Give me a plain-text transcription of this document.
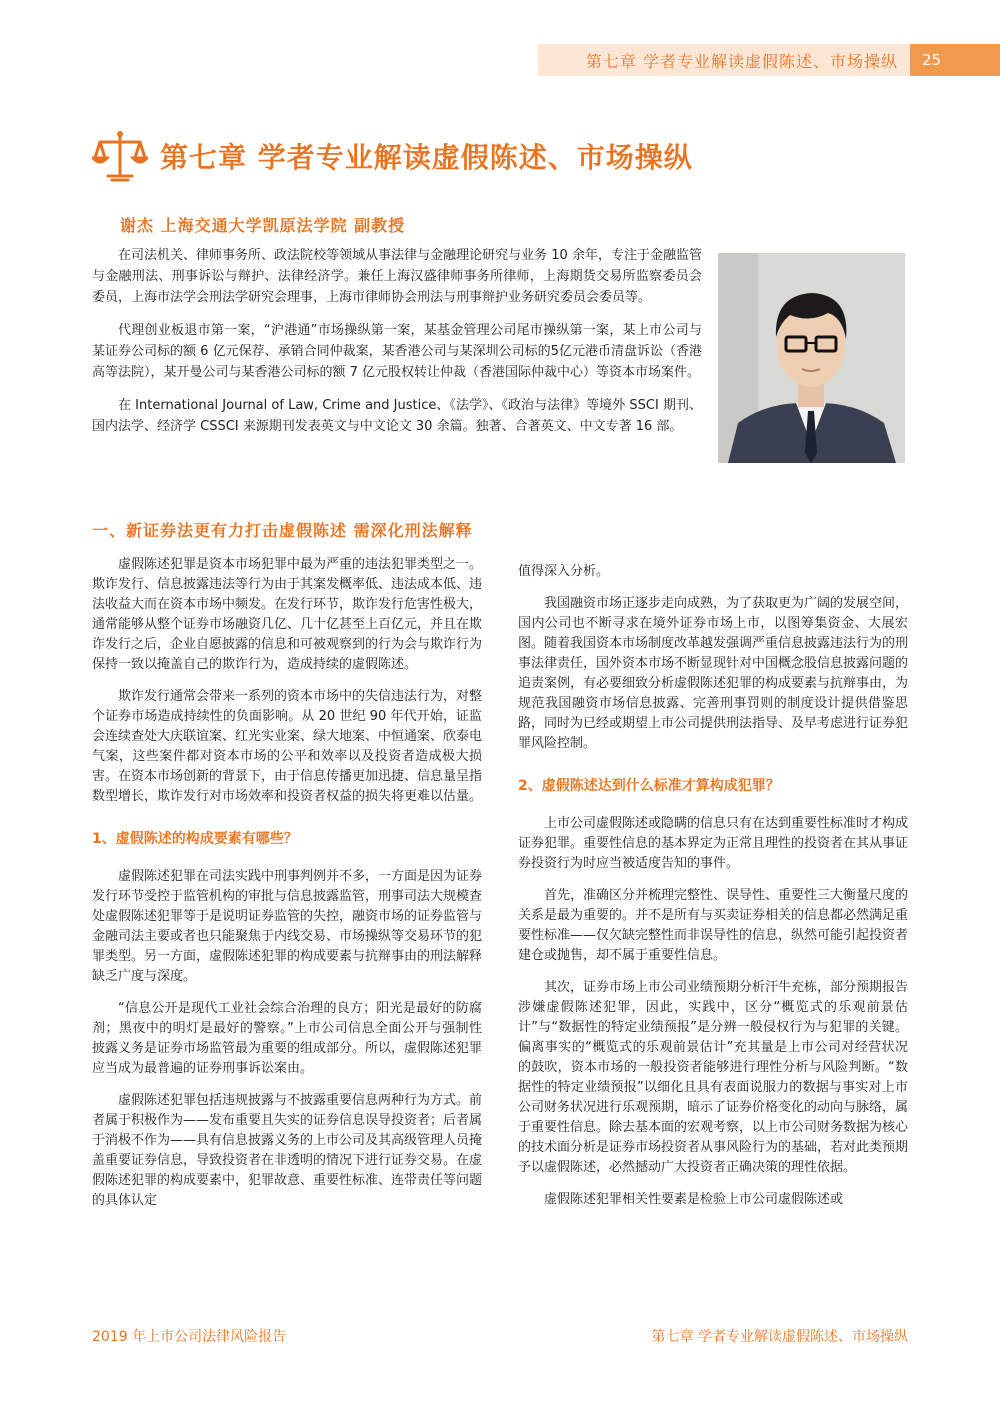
第七章 学者专业解读虚假陈述、市场操纵 25
第七章 学者专业解读虚假陈述、市场操纵
谢杰 上海交通大学凯原法学院 副教授

在司法机关、律师事务所、政法院校等领域从事法律与金融理论研究与业务 10 余年，专注于金融监管与金融刑法、刑事诉讼与辩护、法律经济学。兼任上海汉盛律师事务所律师，上海期货交易所监察委员会委员，上海市法学会刑法学研究会理事，上海市律师协会刑法与刑事辩护业务研究委员会委员等。

代理创业板退市第一案，“沪港通”市场操纵第一案，某基金管理公司尾市操纵第一案，某上市公司与某证券公司标的额 6 亿元保荐、承销合同仲裁案，某香港公司与某深圳公司标的5亿元港币清盘诉讼（香港高等法院），某开曼公司与某香港公司标的额 7 亿元股权转让仲裁（香港国际仲裁中心）等资本市场案件。

在 International Journal of Law, Crime and Justice、《法学》、《政治与法律》等境外 SSCI 期刊、国内法学、经济学 CSSCI 来源期刊发表英文与中文论文 30 余篇。独著、合著英文、中文专著 16 部。

一、新证券法更有力打击虚假陈述 需深化刑法解释

虚假陈述犯罪是资本市场犯罪中最为严重的违法犯罪类型之一。欺诈发行、信息披露违法等行为由于其案发概率低、违法成本低、违法收益大而在资本市场中频发。在发行环节，欺诈发行危害性极大，通常能够从整个证券市场融资几亿、几十亿甚至上百亿元，并且在欺诈发行之后，企业自愿披露的信息和可被观察到的行为会与欺诈行为保持一致以掩盖自己的欺诈行为，造成持续的虚假陈述。

欺诈发行通常会带来一系列的资本市场中的失信违法行为，对整个证券市场造成持续性的负面影响。从 20 世纪 90 年代开始，证监会连续查处大庆联谊案、红光实业案、绿大地案、中恒通案、欣泰电气案，这些案件都对资本市场的公平和效率以及投资者造成极大损害。在资本市场创新的背景下，由于信息传播更加迅捷、信息量呈指数型增长，欺诈发行对市场效率和投资者权益的损失将更难以估量。

1、虚假陈述的构成要素有哪些？

虚假陈述犯罪在司法实践中刑事判例并不多，一方面是因为证券发行环节受控于监管机构的审批与信息披露监管，刑事司法大规模查处虚假陈述犯罪等于是说明证券监管的失控，融资市场的证券监管与金融司法主要或者也只能聚焦于内线交易、市场操纵等交易环节的犯罪类型。另一方面，虚假陈述犯罪的构成要素与抗辩事由的刑法解释缺乏广度与深度。

“信息公开是现代工业社会综合治理的良方；阳光是最好的防腐剂；黑夜中的明灯是最好的警察。”上市公司信息全面公开与强制性披露义务是证券市场监管最为重要的组成部分。所以，虚假陈述犯罪应当成为最普遍的证券刑事诉讼案由。

虚假陈述犯罪包括违规披露与不披露重要信息两种行为方式。前者属于积极作为——发布重要且失实的证券信息误导投资者；后者属于消极不作为——具有信息披露义务的上市公司及其高级管理人员掩盖重要证券信息，导致投资者在非透明的情况下进行证券交易。在虚假陈述犯罪的构成要素中，犯罪故意、重要性标准、连带责任等问题的具体认定

值得深入分析。

我国融资市场正逐步走向成熟，为了获取更为广阔的发展空间，国内公司也不断寻求在境外证券市场上市，以图筹集资金、大展宏图。随着我国资本市场制度改革越发强调严重信息披露违法行为的刑事法律责任，国外资本市场不断显现针对中国概念股信息披露问题的追责案例，有必要细致分析虚假陈述犯罪的构成要素与抗辩事由，为规范我国融资市场信息披露、完善刑事罚则的制度设计提供借鉴思路，同时为已经或期望上市公司提供刑法指导、及早考虑进行证券犯罪风险控制。

2、虚假陈述达到什么标准才算构成犯罪？

上市公司虚假陈述或隐瞒的信息只有在达到重要性标准时才构成证券犯罪。重要性信息的基本界定为正常且理性的投资者在其从事证券投资行为时应当被适度告知的事件。

首先，准确区分并梳理完整性、误导性、重要性三大衡量尺度的关系是最为重要的。并不是所有与买卖证券相关的信息都必然满足重要性标准——仅欠缺完整性而非误导性的信息，纵然可能引起投资者建仓或抛售，却不属于重要性信息。

其次，证券市场上市公司业绩预期分析汗牛充栋，部分预期报告涉嫌虚假陈述犯罪，因此，实践中，区分“概览式的乐观前景估计”与“数据性的特定业绩预报”是分辨一般侵权行为与犯罪的关键。偏离事实的“概览式的乐观前景估计”充其量是上市公司对经营状况的鼓吹，资本市场的一般投资者能够进行理性分析与风险判断。“数据性的特定业绩预报”以细化且具有表面说服力的数据与事实对上市公司财务状况进行乐观预期，暗示了证券价格变化的动向与脉络，属于重要性信息。除去基本面的宏观考察，以上市公司财务数据为核心的技术面分析是证券市场投资者从事风险行为的基础，若对此类预期予以虚假陈述，必然撼动广大投资者正确决策的理性依据。

虚假陈述犯罪相关性要素是检验上市公司虚假陈述或

2019 年上市公司法律风险报告	第七章 学者专业解读虚假陈述、市场操纵
